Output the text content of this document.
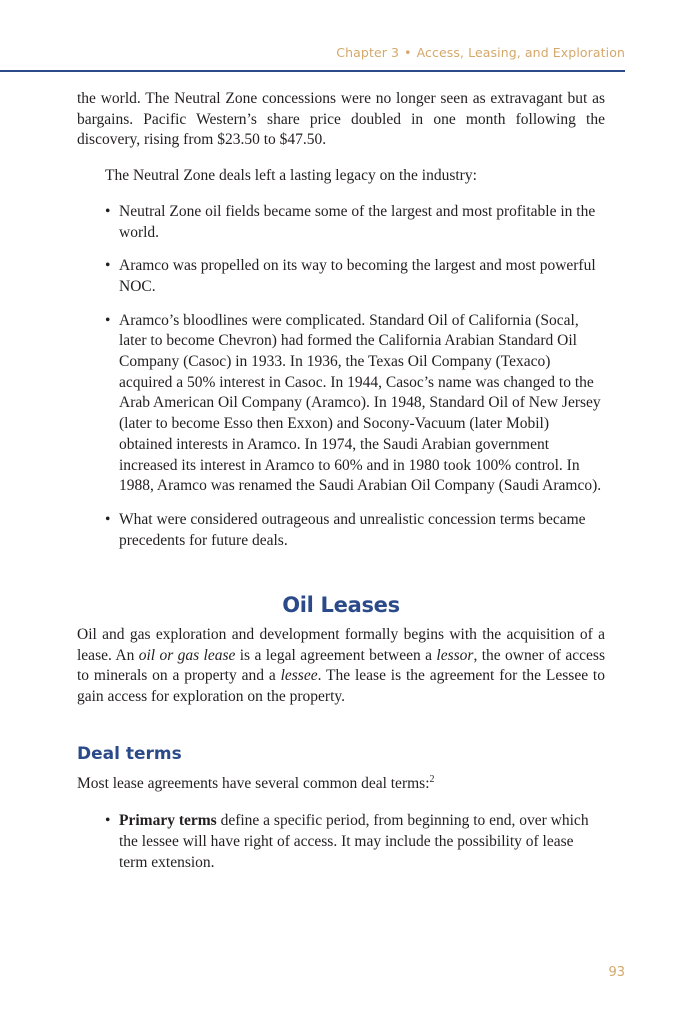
Chapter 3 • Access, Leasing, and Exploration

the world. The Neutral Zone concessions were no longer seen as extravagant but as bargains. Pacific Western’s share price doubled in one month following the discovery, rising from $23.50 to $47.50.

The Neutral Zone deals left a lasting legacy on the industry:

• Neutral Zone oil fields became some of the largest and most profitable in the world.
• Aramco was propelled on its way to becoming the largest and most powerful NOC.
• Aramco’s bloodlines were complicated. Standard Oil of California (Socal, later to become Chevron) had formed the California Arabian Standard Oil Company (Casoc) in 1933. In 1936, the Texas Oil Company (Texaco) acquired a 50% interest in Casoc. In 1944, Casoc’s name was changed to the Arab American Oil Company (Aramco). In 1948, Standard Oil of New Jersey (later to become Esso then Exxon) and Socony-Vacuum (later Mobil) obtained interests in Aramco. In 1974, the Saudi Arabian government increased its interest in Aramco to 60% and in 1980 took 100% control. In 1988, Aramco was renamed the Saudi Arabian Oil Company (Saudi Aramco).
• What were considered outrageous and unrealistic concession terms became precedents for future deals.
Oil Leases

Oil and gas exploration and development formally begins with the acquisition of a lease. An oil or gas lease is a legal agreement between a lessor, the owner of access to minerals on a property and a lessee. The lease is the agreement for the Lessee to gain access for exploration on the property.

Deal terms

Most lease agreements have several common deal terms:$^2$

• Primary terms define a specific period, from beginning to end, over which the lessee will have right of access. It may include the possibility of lease term extension.
93
